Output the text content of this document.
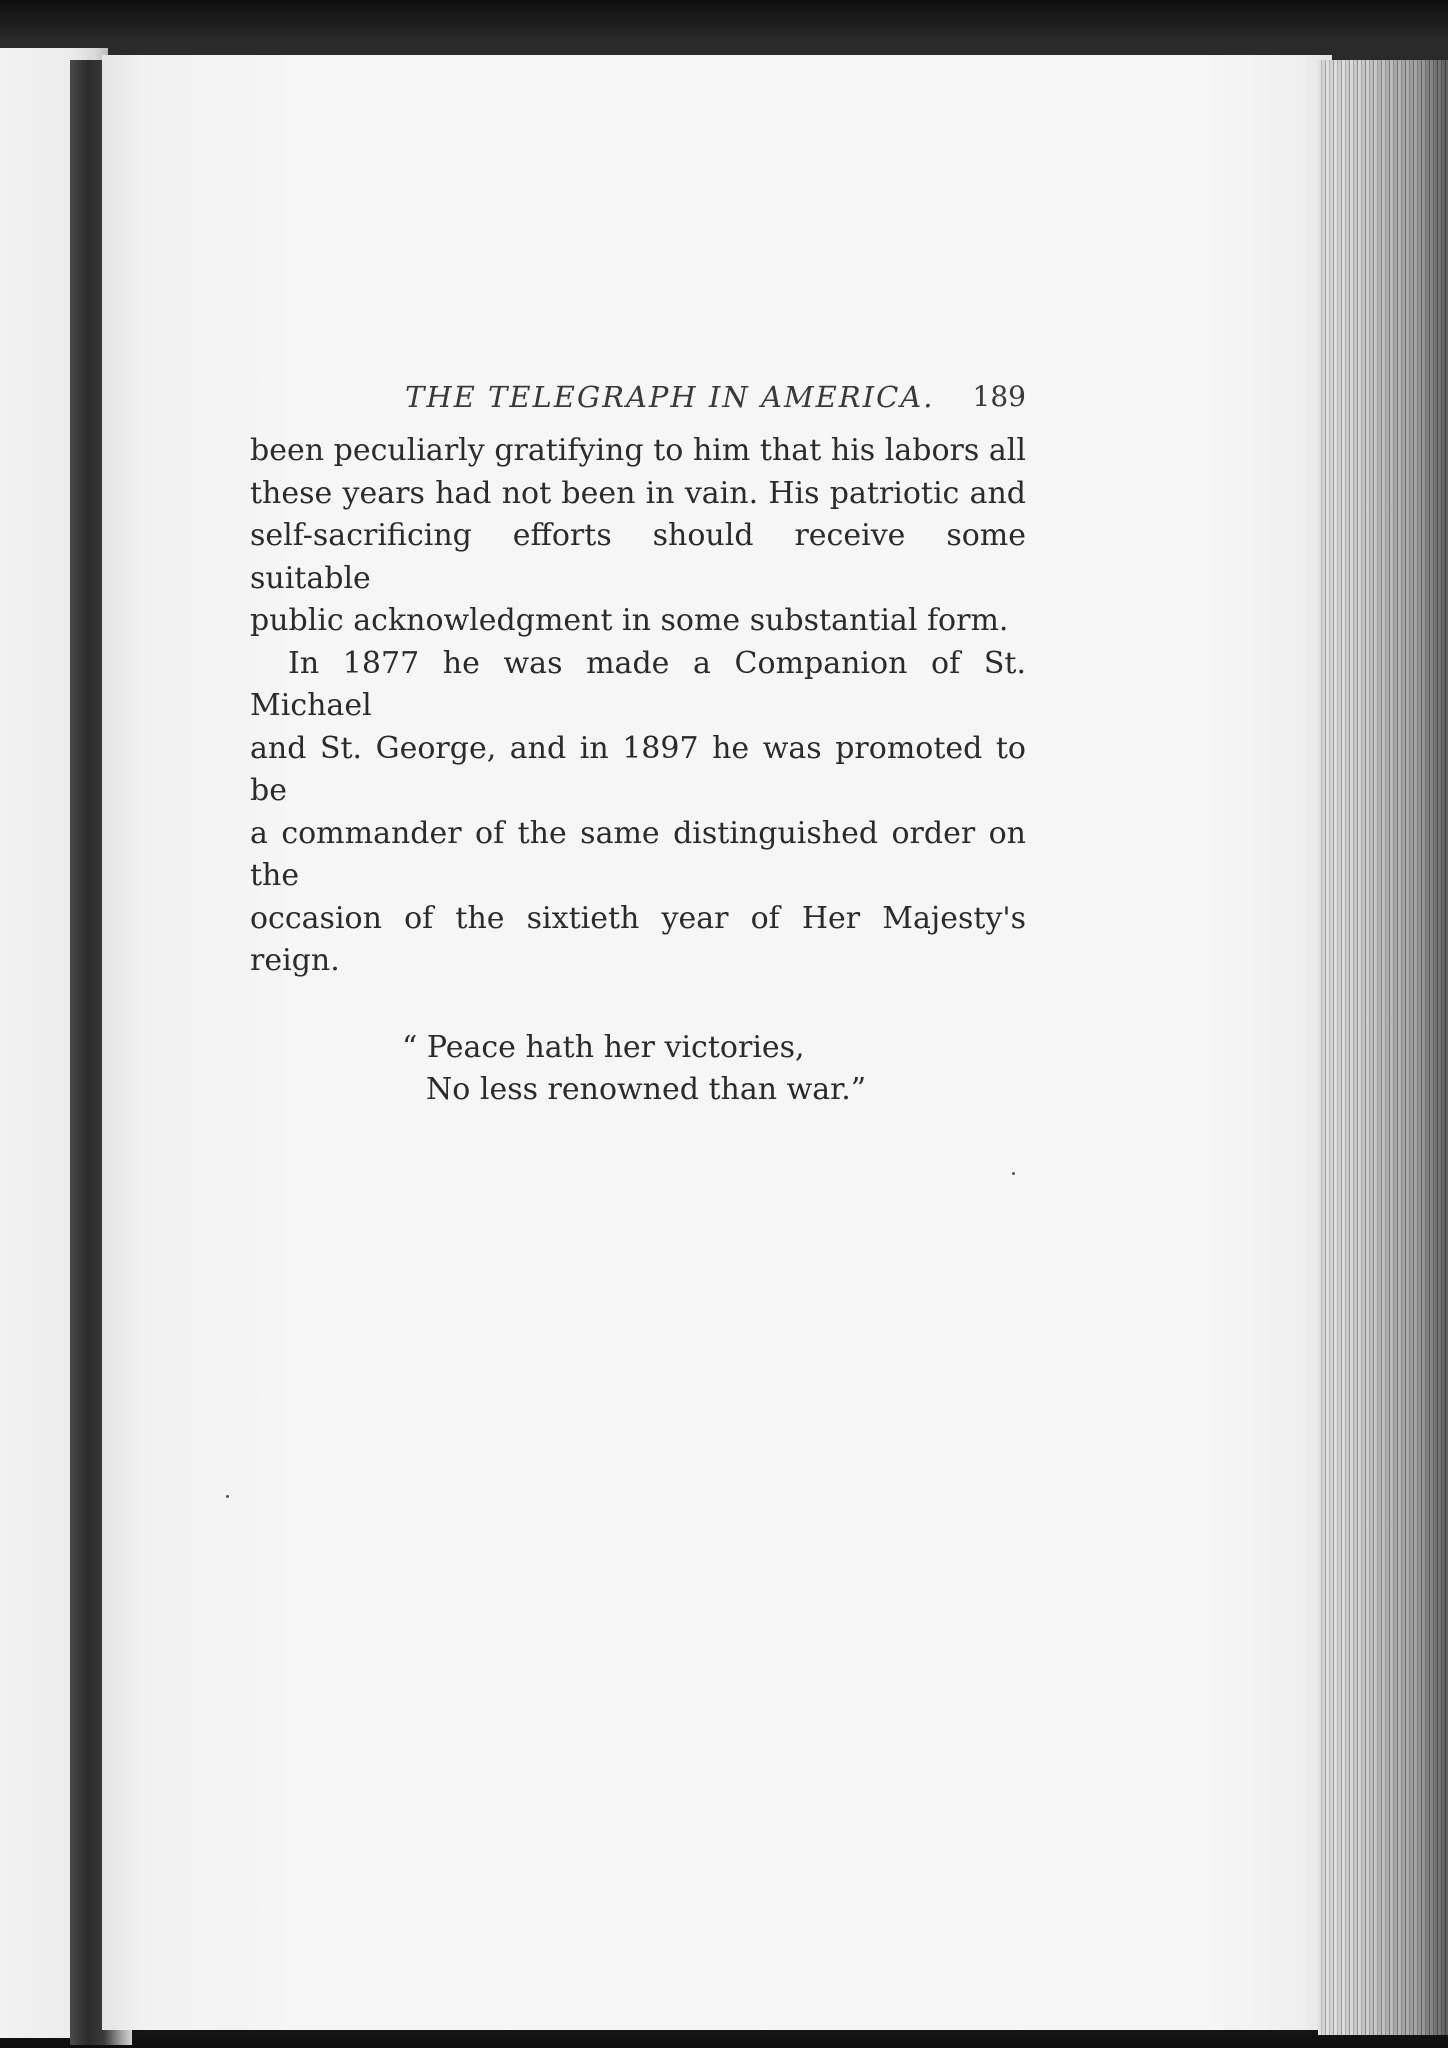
THE TELEGRAPH IN AMERICA. 189

been peculiarly gratifying to him that his labors all
these years had not been in vain. His patriotic and
self-sacrificing efforts should receive some suitable
public acknowledgment in some substantial form.

In 1877 he was made a Companion of St. Michael
and St. George, and in 1897 he was promoted to be
a commander of the same distinguished order on the
occasion of the sixtieth year of Her Majesty's reign.

“ Peace hath her victories,
No less renowned than war.”
